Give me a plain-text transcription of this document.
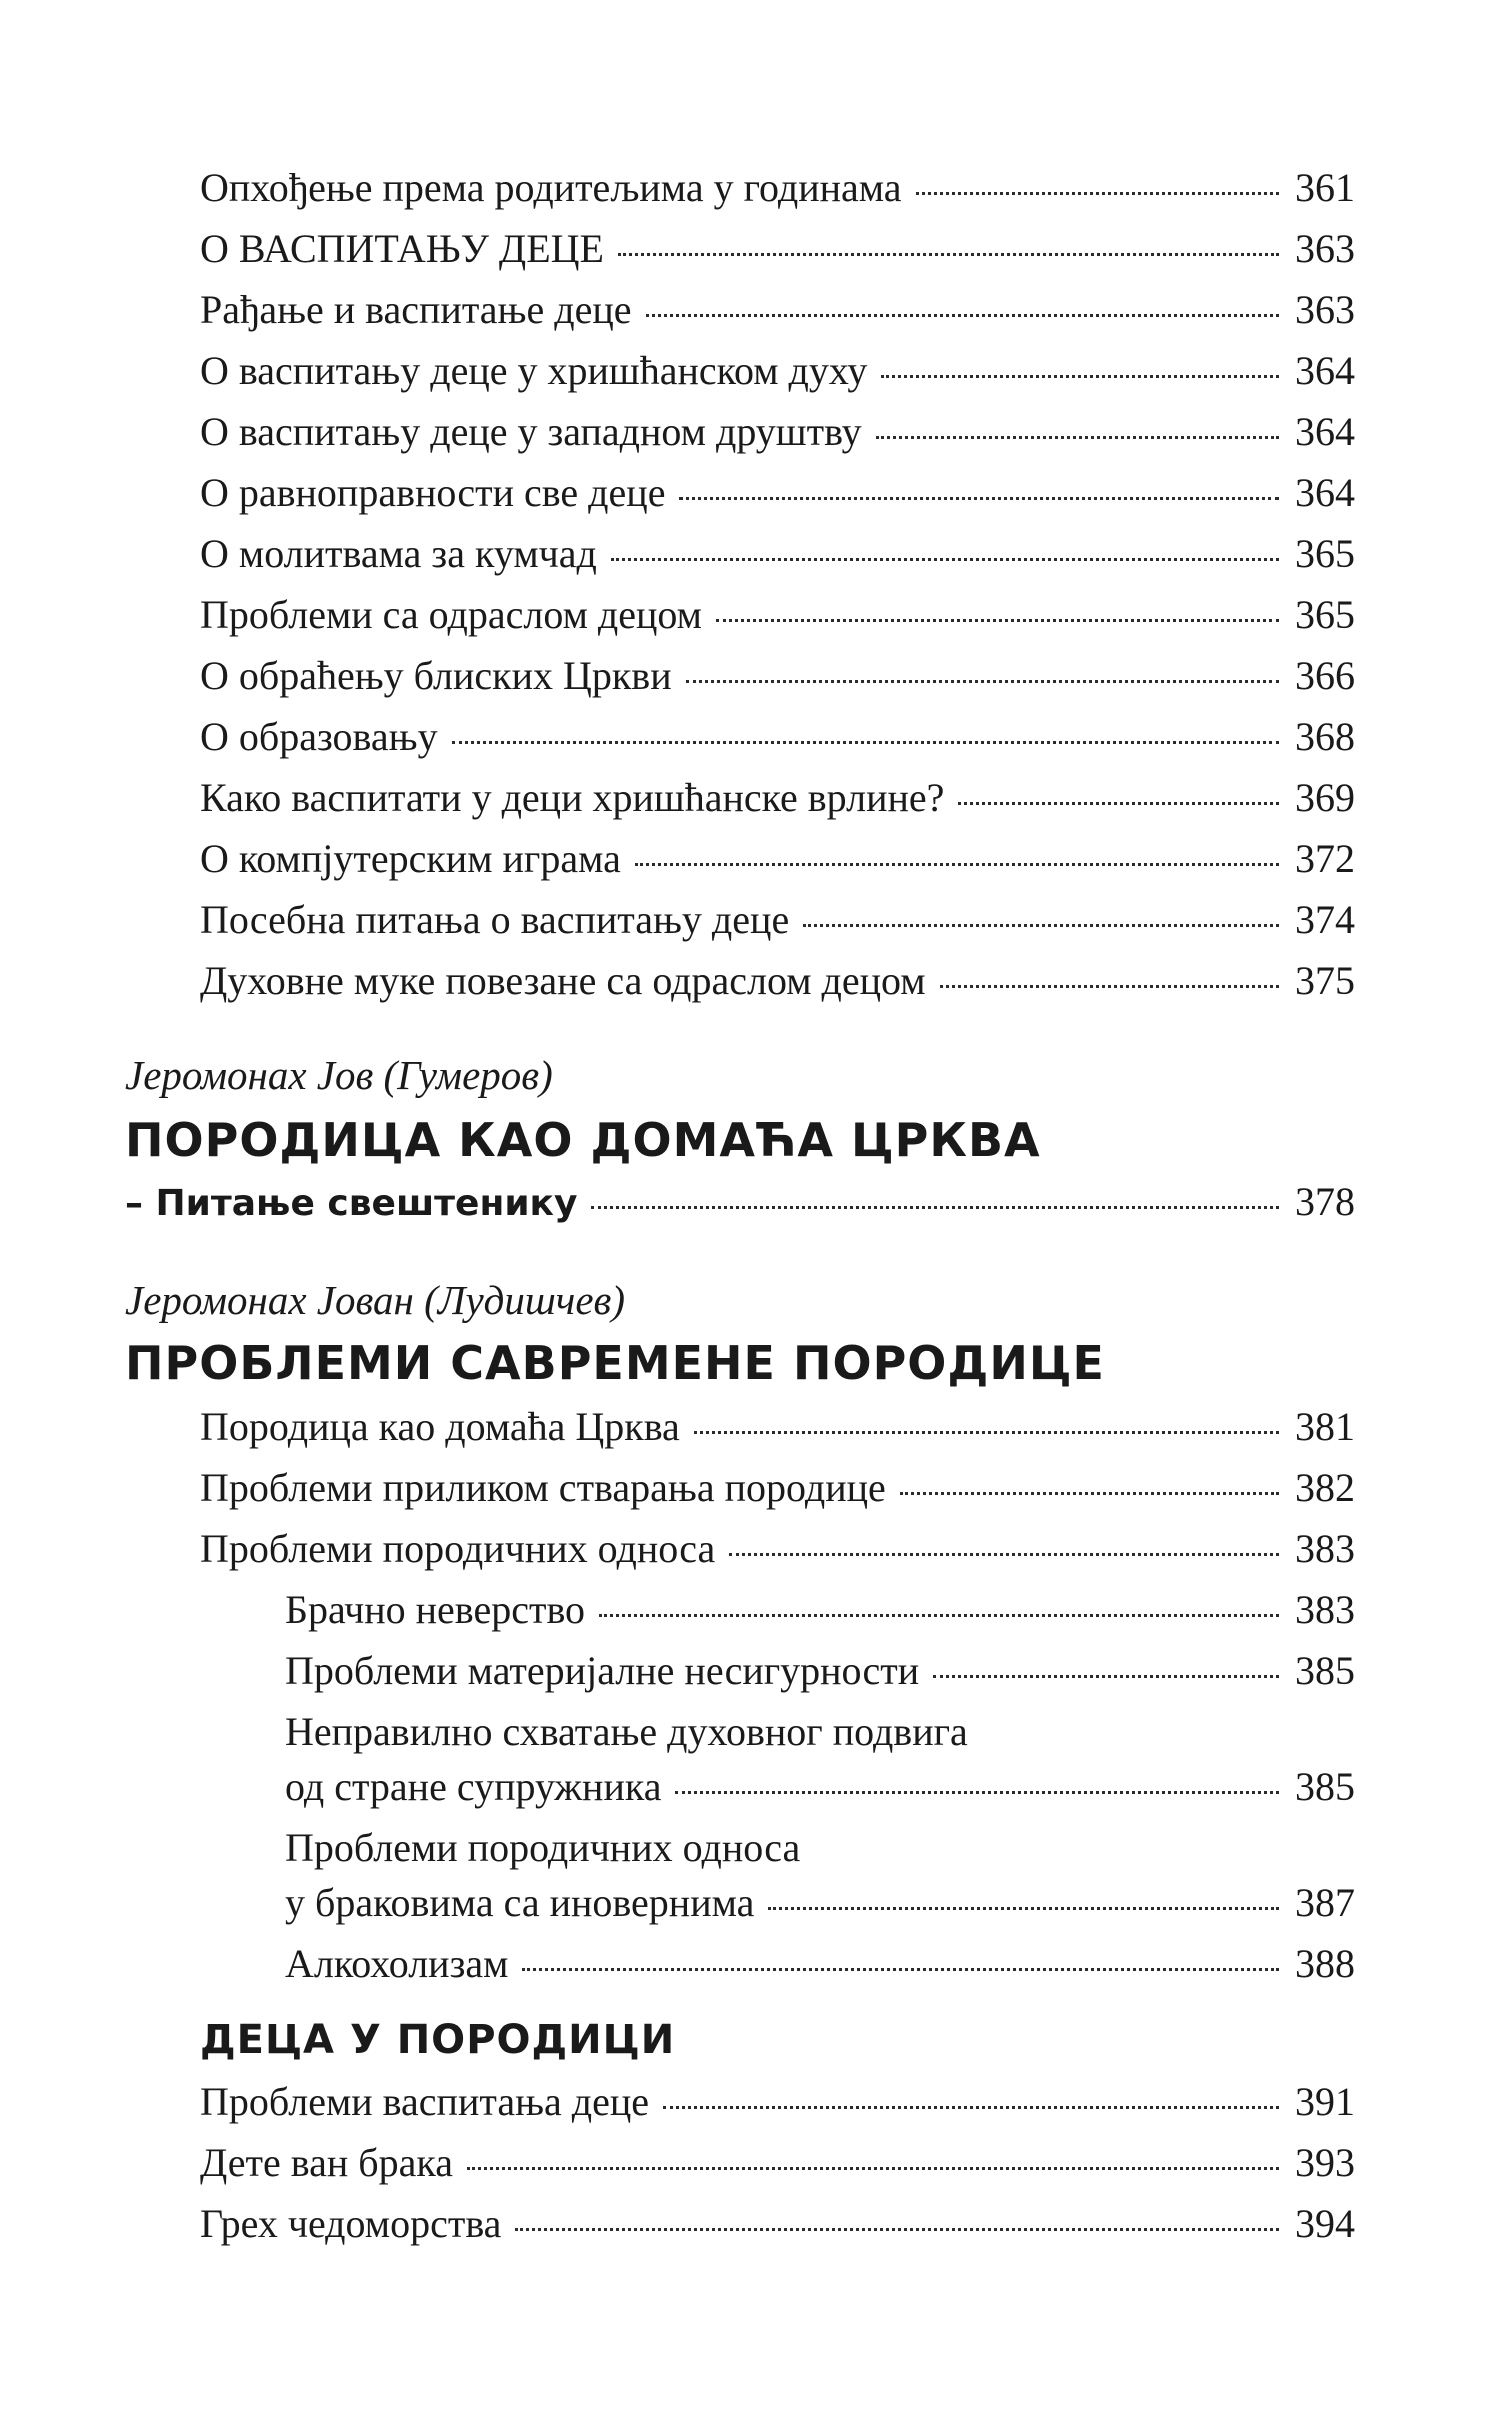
Опхођење према родитељима у годинама	361
О ВАСПИТАЊУ ДЕЦЕ	363
Рађање и васпитање деце	363
О васпитању деце у хришћанском духу	364
О васпитању деце у западном друштву	364
О равноправности све деце	364
О молитвама за кумчад	365
Проблеми са одраслом децом	365
О обраћењу блиских Цркви	366
О образовању	368
Како васпитати у деци хришћанске врлине?	369
О компјутерским играма	372
Посебна питања о васпитању деце	374
Духовне муке повезане са одраслом децом	375
Јеромонах Јов (Гумеров)
ПОРОДИЦА КАО ДОМАЋА ЦРКВА
– Питање свештенику	378
Јеромонах Јован (Лудишчев)
ПРОБЛЕМИ САВРЕМЕНЕ ПОРОДИЦЕ
Породица као домаћа Црква	381
Проблеми приликом стварања породице	382
Проблеми породичних односа	383
Брачно неверство	383
Проблеми материјалне несигурности	385
Неправилно схватање духовног подвига
од стране супружника	385
Проблеми породичних односа
у браковима са иновернима	387
Алкохолизам	388
ДЕЦА У ПОРОДИЦИ
Проблеми васпитања деце	391
Дете ван брака	393
Грех чедоморства	394
